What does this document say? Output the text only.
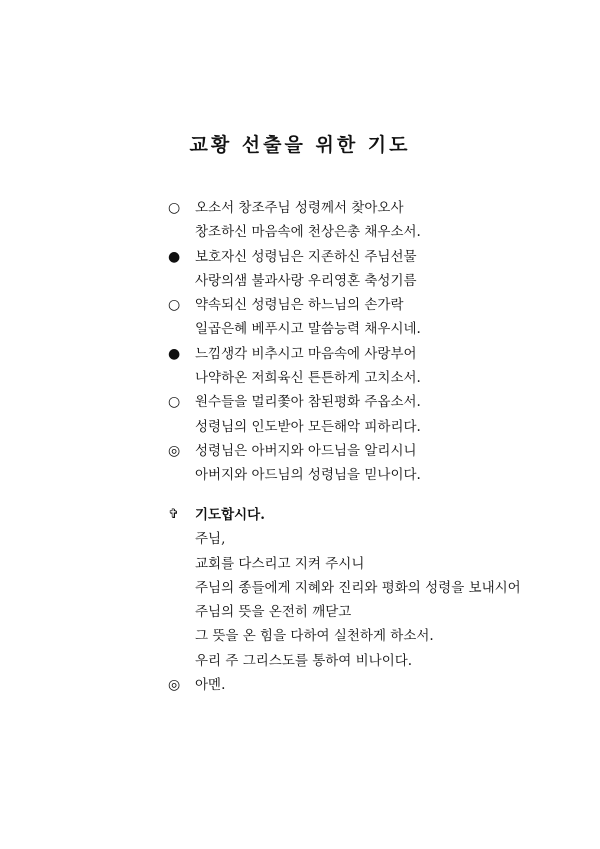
교황 선출을 위한 기도
○ 오소서 창조주님 성령께서 찾아오사
창조하신 마음속에 천상은총 채우소서.
● 보호자신 성령님은 지존하신 주님선물
사랑의샘 불과사랑 우리영혼 축성기름
○ 약속되신 성령님은 하느님의 손가락
일곱은혜 베푸시고 말씀능력 채우시네.
● 느낌생각 비추시고 마음속에 사랑부어
나약하온 저희육신 튼튼하게 고치소서.
○ 원수들을 멀리쫓아 참된평화 주옵소서.
성령님의 인도받아 모든해악 피하리다.
◎ 성령님은 아버지와 아드님을 알리시니
아버지와 아드님의 성령님을 믿나이다.
✞	기도합시다.
주님,
교회를 다스리고 지켜 주시니
주님의 종들에게 지혜와 진리와 평화의 성령을 보내시어
주님의 뜻을 온전히 깨닫고
그 뜻을 온 힘을 다하여 실천하게 하소서.
우리 주 그리스도를 통하여 비나이다.
◎ 아멘.
